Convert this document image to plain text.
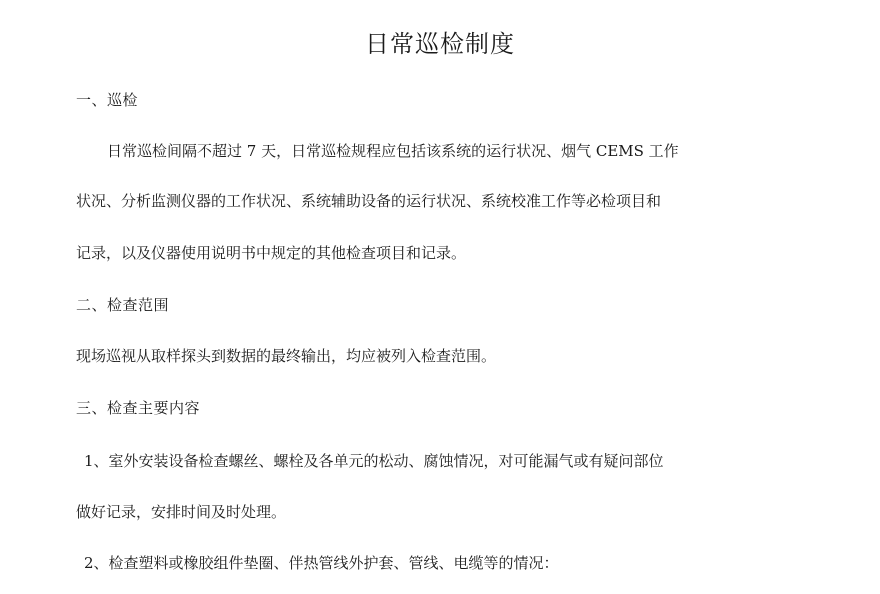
日常巡检制度

一、巡检

日常巡检间隔不超过 7 天，日常巡检规程应包括该系统的运行状况、烟气 CEMS 工作

状况、分析监测仪器的工作状况、系统辅助设备的运行状况、系统校准工作等必检项目和

记录，以及仪器使用说明书中规定的其他检查项目和记录。

二、检查范围

现场巡视从取样探头到数据的最终输出，均应被列入检查范围。

三、检查主要内容

1、室外安装设备检查螺丝、螺栓及各单元的松动、腐蚀情况，对可能漏气或有疑问部位

做好记录，安排时间及时处理。

2、检查塑料或橡胶组件垫圈、伴热管线外护套、管线、电缆等的情况：
